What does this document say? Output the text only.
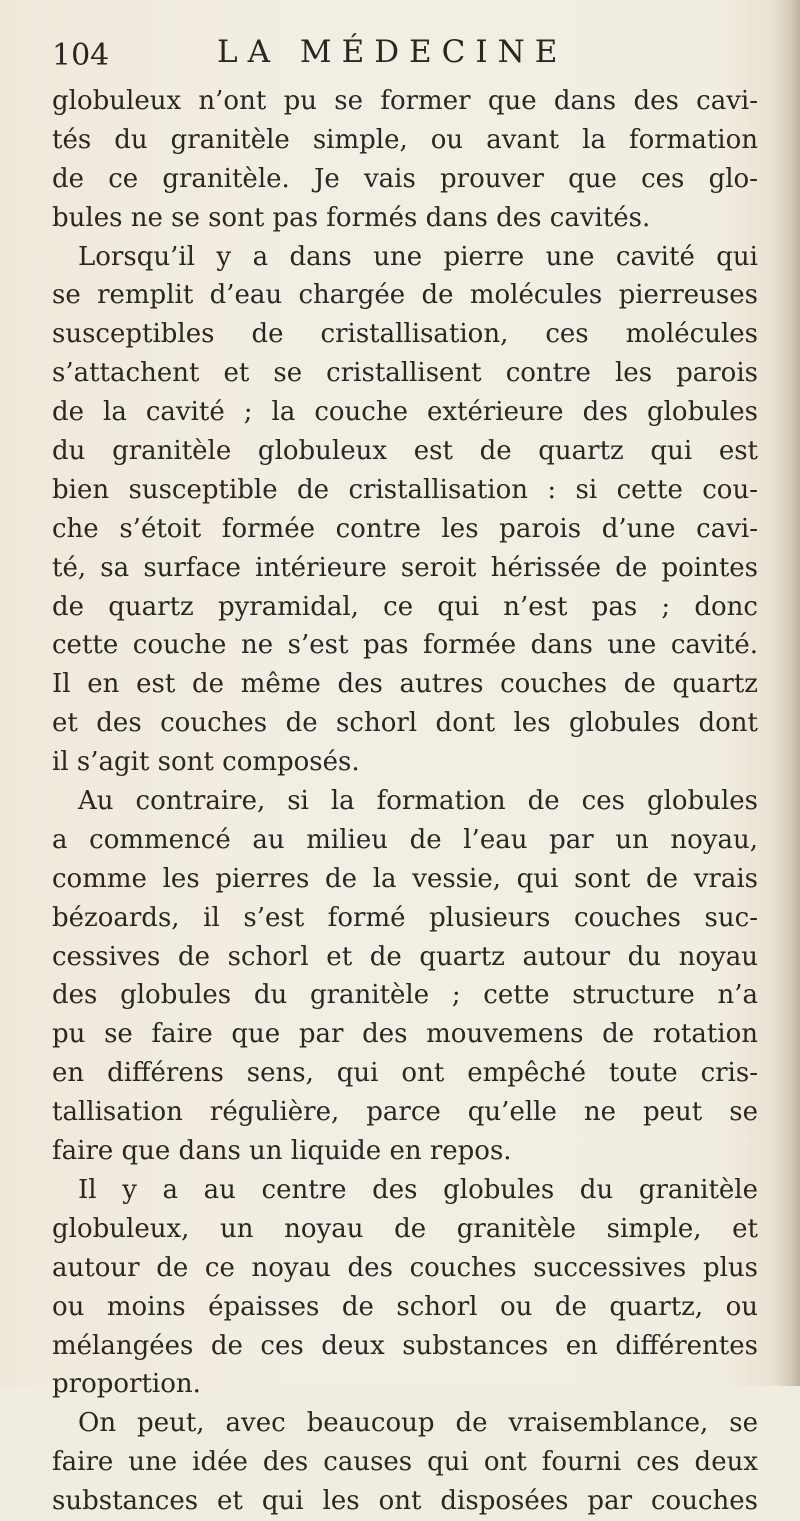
104	LA MÉDECINE
globuleux n’ont pu se former que dans des cavi-
tés du granitèle simple, ou avant la formation
de ce granitèle. Je vais prouver que ces glo-
bules ne se sont pas formés dans des cavités.
Lorsqu’il y a dans une pierre une cavité qui
se remplit d’eau chargée de molécules pierreuses
susceptibles de cristallisation, ces molécules
s’attachent et se cristallisent contre les parois
de la cavité ; la couche extérieure des globules
du granitèle globuleux est de quartz qui est
bien susceptible de cristallisation : si cette cou-
che s’étoit formée contre les parois d’une cavi-
té, sa surface intérieure seroit hérissée de pointes
de quartz pyramidal, ce qui n’est pas ; donc
cette couche ne s’est pas formée dans une cavité.
Il en est de même des autres couches de quartz
et des couches de schorl dont les globules dont
il s’agit sont composés.
Au contraire, si la formation de ces globules
a commencé au milieu de l’eau par un noyau,
comme les pierres de la vessie, qui sont de vrais
bézoards, il s’est formé plusieurs couches suc-
cessives de schorl et de quartz autour du noyau
des globules du granitèle ; cette structure n’a
pu se faire que par des mouvemens de rotation
en différens sens, qui ont empêché toute cris-
tallisation régulière, parce qu’elle ne peut se
faire que dans un liquide en repos.
Il y a au centre des globules du granitèle
globuleux, un noyau de granitèle simple, et
autour de ce noyau des couches successives plus
ou moins épaisses de schorl ou de quartz, ou
mélangées de ces deux substances en différentes
proportion.
On peut, avec beaucoup de vraisemblance, se
faire une idée des causes qui ont fourni ces deux
substances et qui les ont disposées par couches
